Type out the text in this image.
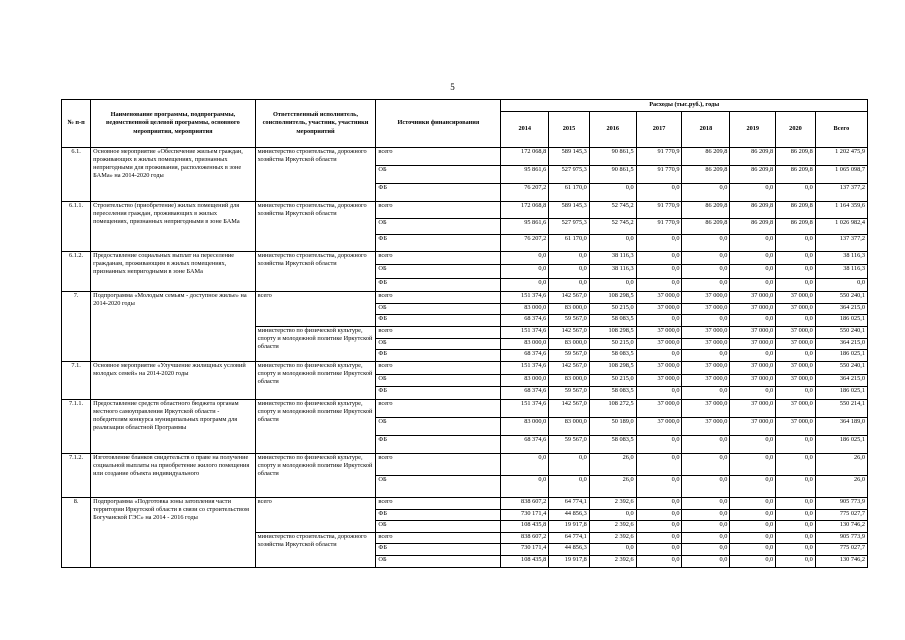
5
№ п-п	Наименование программы, подпрограммы, ведомственной целевой программы, основного мероприятия, мероприятия	Ответственный исполнитель, соисполнитель, участник, участники мероприятий	Источники финансирования	Расходы (тыс.руб.), годы							
				2014	2015	2016	2017	2018	2019	2020	Всего
6.1.	Основное мероприятие «Обеспечение жильем граждан, проживающих в жилых помещениях, признанных непригодными для проживания, расположенных в зоне БАМа» на 2014-2020 годы	министерство строительства, дорожного хозяйства Иркутской области	всего	172 068,8	589 145,3	90 861,5	91 770,9	86 209,8	86 209,8	86 209,8	1 202 475,9
			ОБ	95 861,6	527 975,3	90 861,5	91 770,9	86 209,8	86 209,8	86 209,8	1 065 098,7
			ФБ	76 207,2	61 170,0	0,0	0,0	0,0	0,0	0,0	137 377,2
6.1.1.	Строительство (приобретение) жилых помещений для переселения граждан, проживающих в жилых помещениях, признанных непригодными в зоне БАМа	министерство строительства, дорожного хозяйства Иркутской области	всего	172 068,8	589 145,3	52 745,2	91 770,9	86 209,8	86 209,8	86 209,8	1 164 359,6
			ОБ	95 861,6	527 975,3	52 745,2	91 770,9	86 209,8	86 209,8	86 209,8	1 026 982,4
			ФБ	76 207,2	61 170,0	0,0	0,0	0,0	0,0	0,0	137 377,2
6.1.2.	Предоставление социальных выплат на переселение гражданам, проживающим в жилых помещениях, признанных непригодными в зоне БАМа	министерство строительства, дорожного хозяйства Иркутской области	всего	0,0	0,0	38 116,3	0,0	0,0	0,0	0,0	38 116,3
			ОБ	0,0	0,0	38 116,3	0,0	0,0	0,0	0,0	38 116,3
			ФБ	0,0	0,0	0,0	0,0	0,0	0,0	0,0	0,0
7.	Подпрограмма «Молодым семьям - доступное жилье» на 2014-2020 годы	всего	всего	151 374,6	142 567,0	108 298,5	37 000,0	37 000,0	37 000,0	37 000,0	550 240,1
			ОБ	83 000,0	83 000,0	50 215,0	37 000,0	37 000,0	37 000,0	37 000,0	364 215,0
			ФБ	68 374,6	59 567,0	58 083,5	0,0	0,0	0,0	0,0	186 025,1
		министерство по физической культуре, спорту и молодежной политике Иркутской области	всего	151 374,6	142 567,0	108 298,5	37 000,0	37 000,0	37 000,0	37 000,0	550 240,1
			ОБ	83 000,0	83 000,0	50 215,0	37 000,0	37 000,0	37 000,0	37 000,0	364 215,0
			ФБ	68 374,6	59 567,0	58 083,5	0,0	0,0	0,0	0,0	186 025,1
7.1.	Основное мероприятие «Улучшение жилищных условий молодых семей» на 2014-2020 годы	министерство по физической культуре, спорту и молодежной политике Иркутской области	всего	151 374,6	142 567,0	108 298,5	37 000,0	37 000,0	37 000,0	37 000,0	550 240,1
			ОБ	83 000,0	83 000,0	50 215,0	37 000,0	37 000,0	37 000,0	37 000,0	364 215,0
			ФБ	68 374,6	59 567,0	58 083,5	0,0	0,0	0,0	0,0	186 025,1
7.1.1.	Предоставление средств областного бюджета органам местного самоуправления Иркутской области - победителям конкурса муниципальных программ для реализации областной Программы	министерство по физической культуре, спорту и молодежной политике Иркутской области	всего	151 374,6	142 567,0	108 272,5	37 000,0	37 000,0	37 000,0	37 000,0	550 214,1
			ОБ	83 000,0	83 000,0	50 189,0	37 000,0	37 000,0	37 000,0	37 000,0	364 189,0
			ФБ	68 374,6	59 567,0	58 083,5	0,0	0,0	0,0	0,0	186 025,1
7.1.2.	Изготовление бланков свидетельств о праве на получение социальной выплаты на приобретение жилого помещения или создание объекта индивидуального	министерство по физической культуре, спорту и молодежной политике Иркутской области	всего	0,0	0,0	26,0	0,0	0,0	0,0	0,0	26,0
			ОБ	0,0	0,0	26,0	0,0	0,0	0,0	0,0	26,0
8.	Подпрограмма «Подготовка зоны затопления части территории Иркутской области в связи со строительством Богучанской ГЭС» на 2014 - 2016 годы	всего	всего	838 607,2	64 774,1	2 392,6	0,0	0,0	0,0	0,0	905 773,9
			ФБ	730 171,4	44 856,3	0,0	0,0	0,0	0,0	0,0	775 027,7
			ОБ	108 435,8	19 917,8	2 392,6	0,0	0,0	0,0	0,0	130 746,2
		министерство строительства, дорожного хозяйства Иркутской области	всего	838 607,2	64 774,1	2 392,6	0,0	0,0	0,0	0,0	905 773,9
			ФБ	730 171,4	44 856,3	0,0	0,0	0,0	0,0	0,0	775 027,7
			ОБ	108 435,8	19 917,8	2 392,6	0,0	0,0	0,0	0,0	130 746,2
